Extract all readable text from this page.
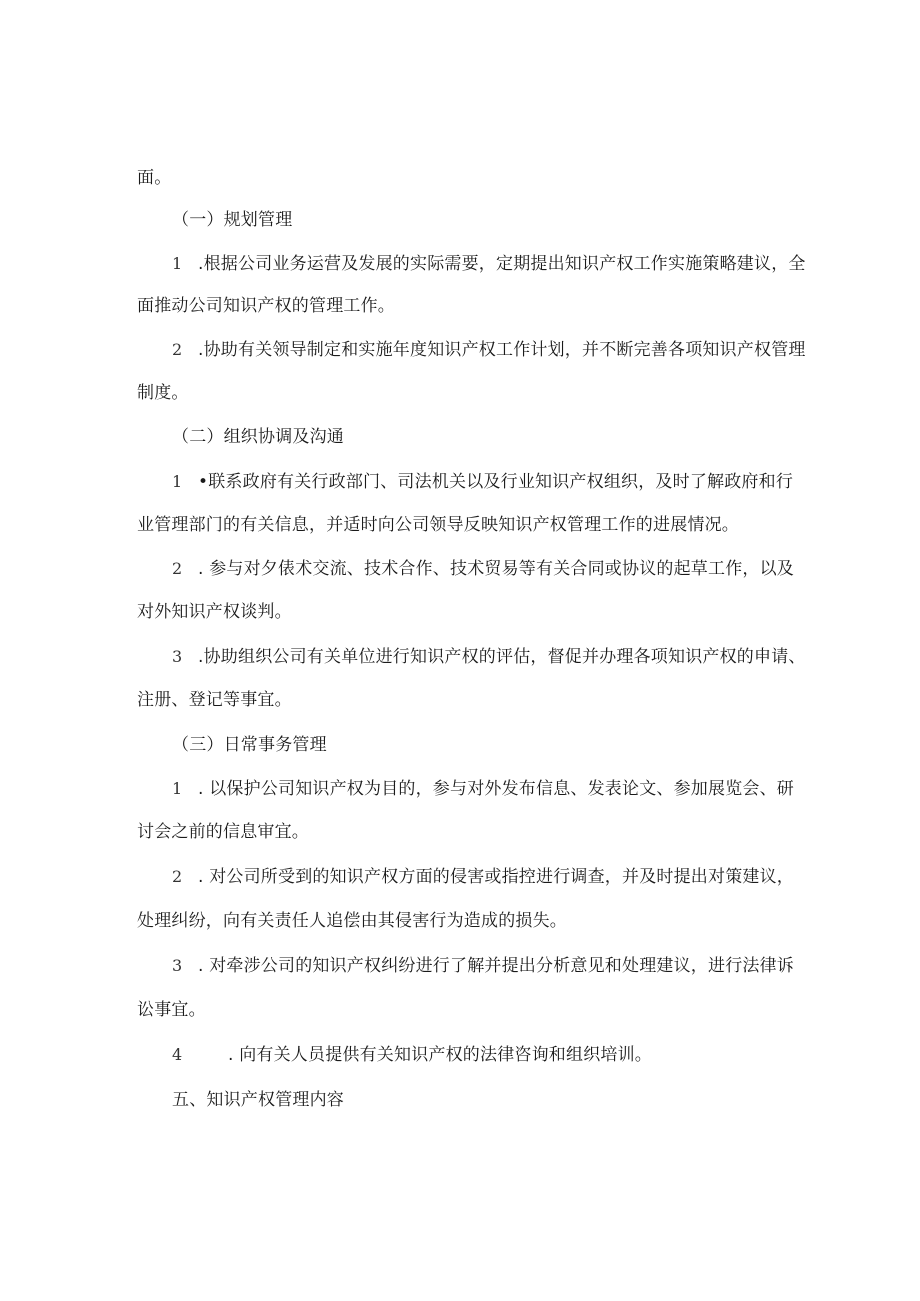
面。
（一）规划管理
1 .根据公司业务运营及发展的实际需要，定期提出知识产权工作实施策略建议，全
面推动公司知识产权的管理工作。
2 .协助有关领导制定和实施年度知识产权工作计划，并不断完善各项知识产权管理
制度。
（二）组织协调及沟通
1 •联系政府有关行政部门、司法机关以及行业知识产权组织，及时了解政府和行
业管理部门的有关信息，并适时向公司领导反映知识产权管理工作的进展情况。
2 . 参与对夕俵术交流、技术合作、技术贸易等有关合同或协议的起草工作，以及
对外知识产权谈判。
3 .协助组织公司有关单位进行知识产权的评估，督促并办理各项知识产权的申请、
注册、登记等事宜。
（三）日常事务管理
1 . 以保护公司知识产权为目的，参与对外发布信息、发表论文、参加展览会、研
讨会之前的信息审宜。
2 . 对公司所受到的知识产权方面的侵害或指控进行调查，并及时提出对策建议，
处理纠纷，向有关责任人追偿由其侵害行为造成的损失。
3 . 对牵涉公司的知识产权纠纷进行了解并提出分析意见和处理建议，进行法律诉
讼事宜。
4	. 向有关人员提供有关知识产权的法律咨询和组织培训。
五、知识产权管理内容
